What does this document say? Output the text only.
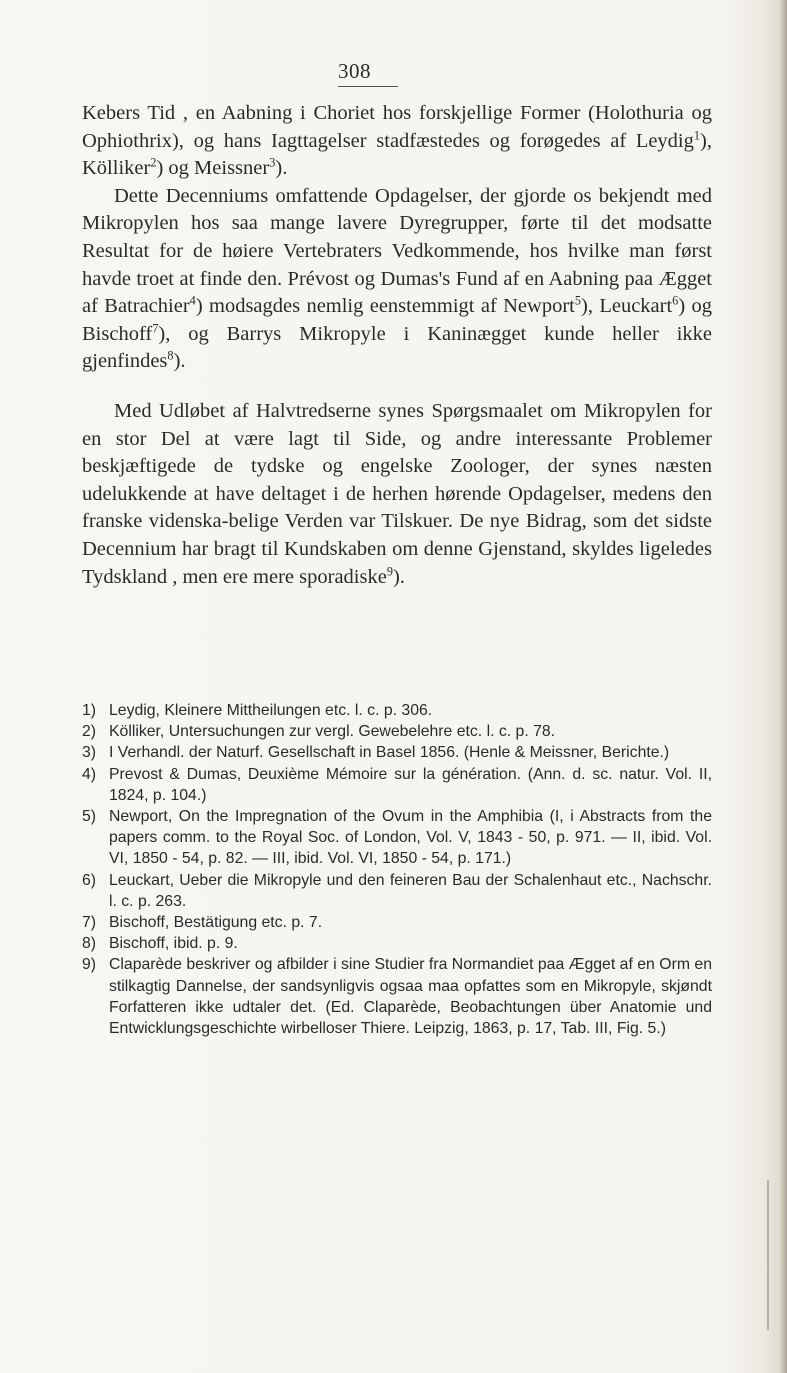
308

Kebers Tid , en Aabning i Choriet hos forskjellige Former (Holothuria og Ophiothrix), og hans Iagttagelser stadfæstedes og forøgedes af Leydig$^1$), Kölliker$^2$) og Meissner$^3$).

Dette Decenniums omfattende Opdagelser, der gjorde os bekjendt med Mikropylen hos saa mange lavere Dyregrupper, førte til det modsatte Resultat for de høiere Vertebraters Vedkommende, hos hvilke man først havde troet at finde den. Prévost og Dumas's Fund af en Aabning paa Ægget af Batrachier$^4$) modsagdes nemlig eenstemmigt af Newport$^5$), Leuckart$^6$) og Bischoff$^7$), og Barrys Mikropyle i Kaninægget kunde heller ikke gjenfindes$^8$).

Med Udløbet af Halvtredserne synes Spørgsmaalet om Mikropylen for en stor Del at være lagt til Side, og andre interessante Problemer beskjæftigede de tydske og engelske Zoologer, der synes næsten udelukkende at have deltaget i de herhen hørende Opdagelser, medens den franske videnska-belige Verden var Tilskuer. De nye Bidrag, som det sidste Decennium har bragt til Kundskaben om denne Gjenstand, skyldes ligeledes Tydskland , men ere mere sporadiske$^9$).

1) Leydig, Kleinere Mittheilungen etc. l. c. p. 306.

2) Kölliker, Untersuchungen zur vergl. Gewebelehre etc. l. c. p. 78.

3) I Verhandl. der Naturf. Gesellschaft in Basel 1856. (Henle & Meissner, Berichte.)

4) Prevost & Dumas, Deuxième Mémoire sur la génération. (Ann. d. sc. natur. Vol. II, 1824, p. 104.)

5) Newport, On the Impregnation of the Ovum in the Amphibia (I, i Abstracts from the papers comm. to the Royal Soc. of London, Vol. V, 1843 - 50, p. 971. — II, ibid. Vol. VI, 1850 - 54, p. 82. — III, ibid. Vol. VI, 1850 - 54, p. 171.)

6) Leuckart, Ueber die Mikropyle und den feineren Bau der Schalenhaut etc., Nachschr. l. c. p. 263.

7) Bischoff, Bestätigung etc. p. 7.

8) Bischoff, ibid. p. 9.

9) Claparède beskriver og afbilder i sine Studier fra Normandiet paa Ægget af en Orm en stilkagtig Dannelse, der sandsynligvis ogsaa maa opfattes som en Mikropyle, skjøndt Forfatteren ikke udtaler det. (Ed. Claparède, Beobachtungen über Anatomie und Entwicklungsgeschichte wirbelloser Thiere. Leipzig, 1863, p. 17, Tab. III, Fig. 5.)
